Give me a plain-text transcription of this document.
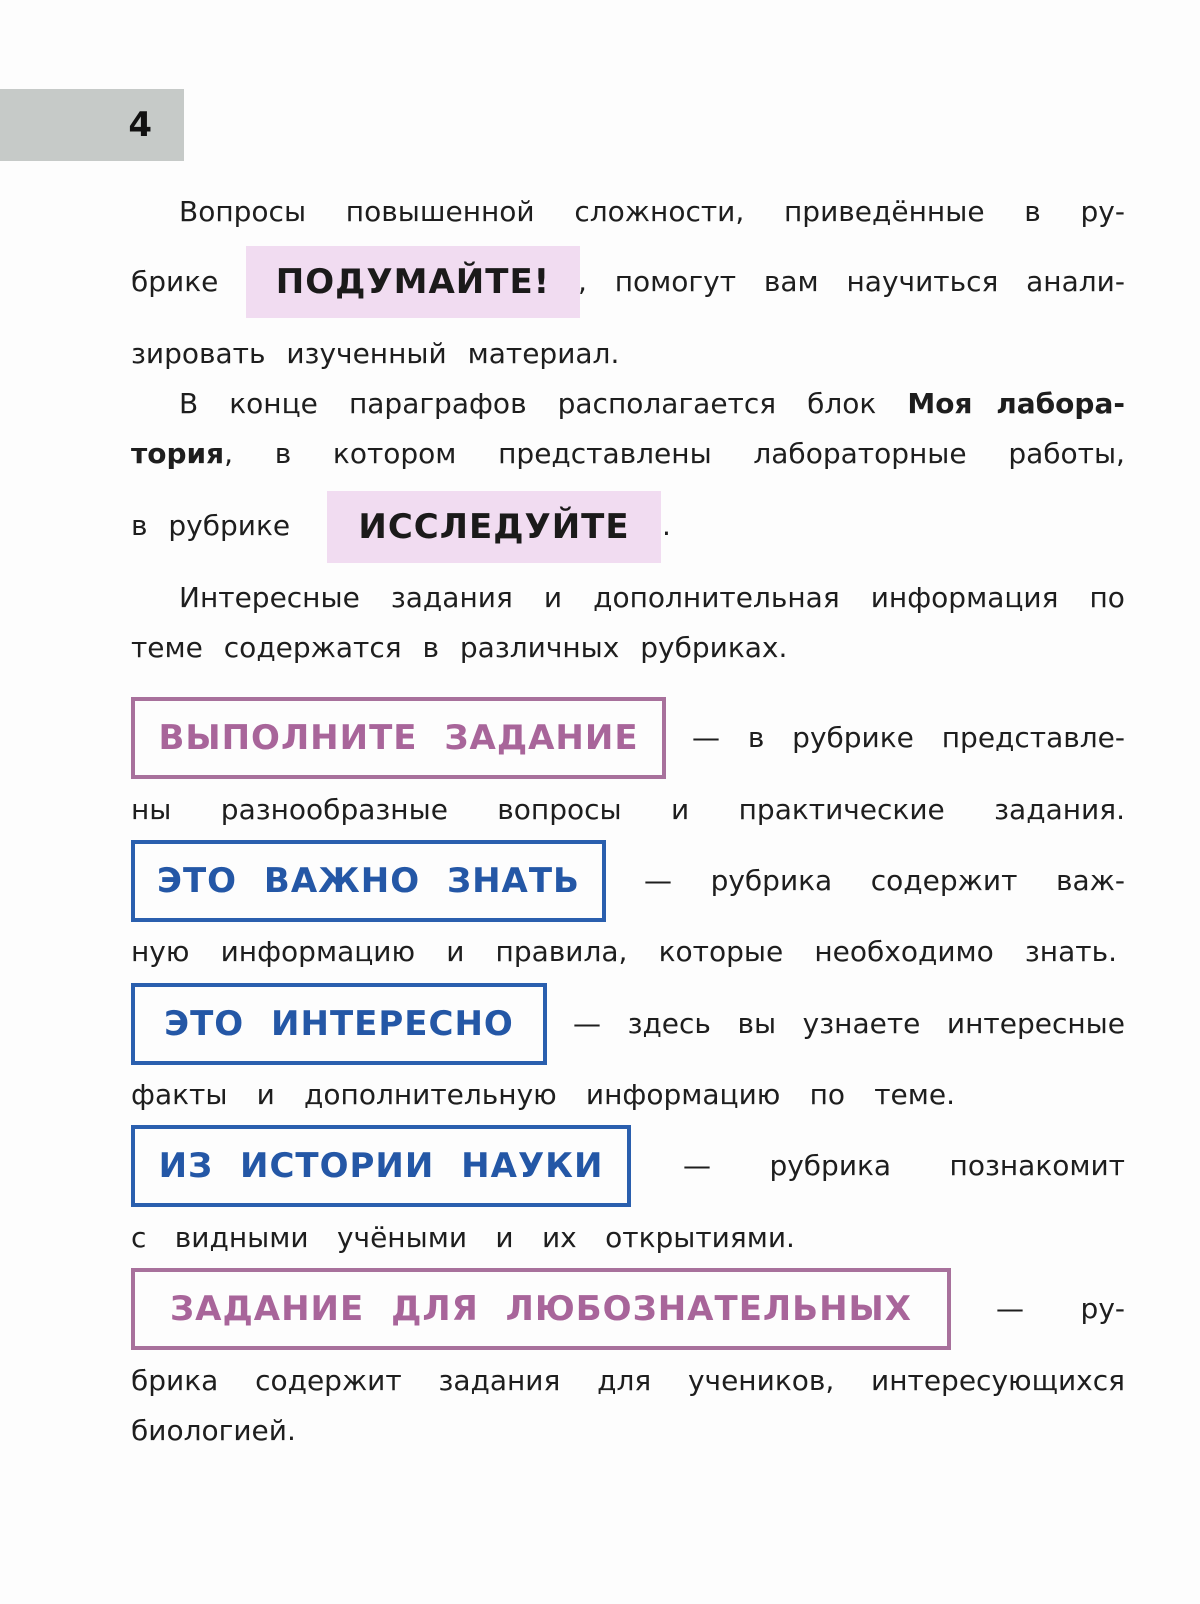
4
Вопросы повышенной сложности, приведённые в ру-
брике	ПОДУМАЙТЕ! , помогут вам научиться анали-
зировать изученный материал.
В конце параграфов располагается блок Моя лабора-
тория, в котором представлены лабораторные работы,
в рубрике	ИССЛЕДУЙТЕ	.
Интересные задания и дополнительная информация по
теме содержатся в различных рубриках.
ВЫПОЛНИТЕ ЗАДАНИЕ	— в рубрике представле-
ны разнообразные вопросы и практические задания.
ЭТО ВАЖНО ЗНАТЬ	— рубрика содержит важ-
ную информацию и правила, которые необходимо знать.
ЭТО ИНТЕРЕСНО	— здесь вы узнаете интересные
факты и дополнительную информацию по теме.
ИЗ ИСТОРИИ НАУКИ	— рубрика познакомит
с видными учёными и их открытиями.
ЗАДАНИЕ ДЛЯ ЛЮБОЗНАТЕЛЬНЫХ	— ру-
брика содержит задания для учеников, интересующихся
биологией.
